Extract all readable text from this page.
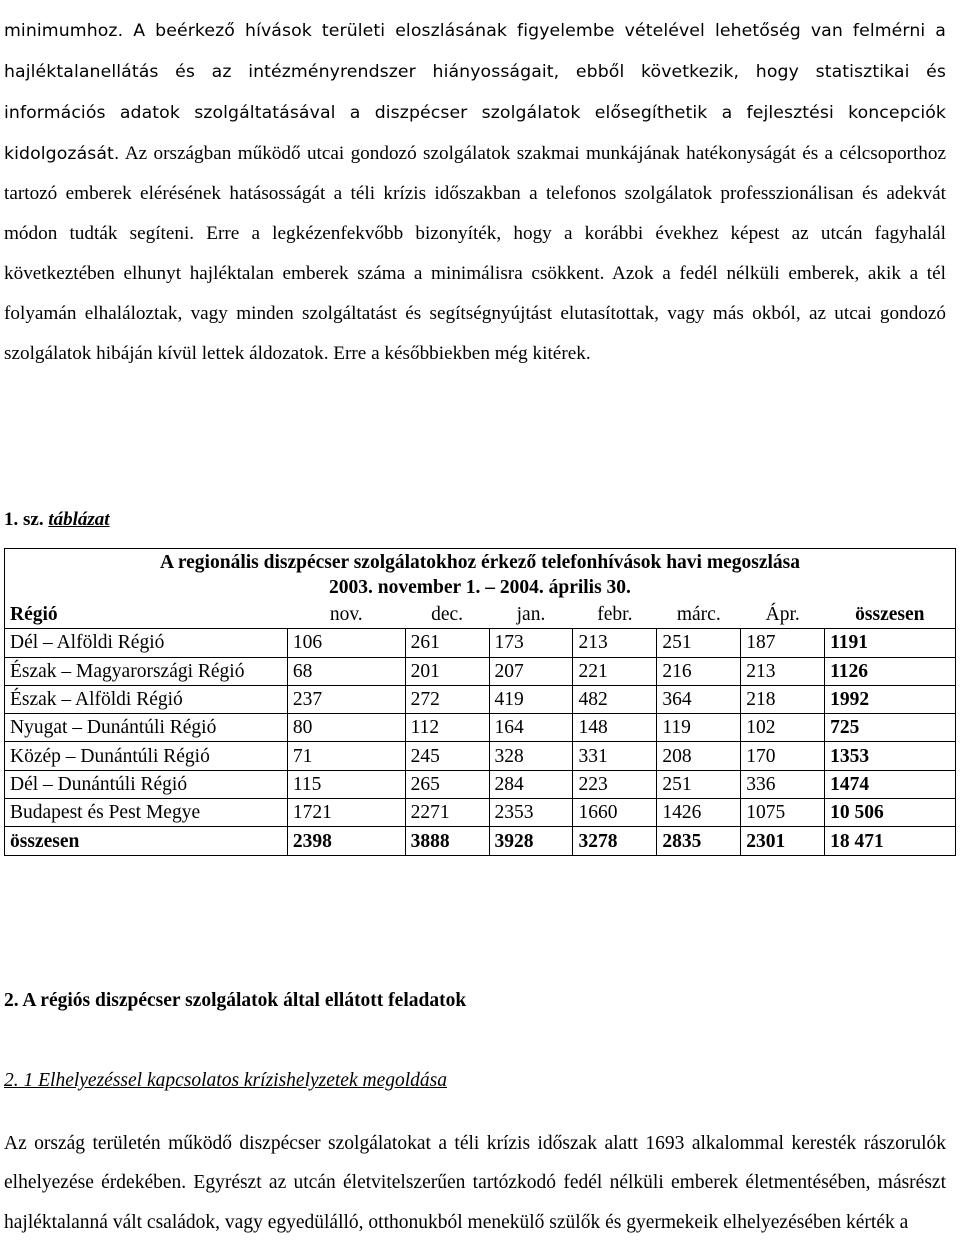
minimumhoz. A beérkező hívások területi eloszlásának figyelembe vételével lehetőség van felmérni a hajléktalanellátás és az intézményrendszer hiányosságait, ebből következik, hogy statisztikai és információs adatok szolgáltatásával a diszpécser szolgálatok elősegíthetik a fejlesztési koncepciók kidolgozását. Az országban működő utcai gondozó szolgálatok szakmai munkájának hatékonyságát és a célcsoporthoz tartozó emberek elérésének hatásosságát a téli krízis időszakban a telefonos szolgálatok professzionálisan és adekvát módon tudták segíteni. Erre a legkézenfekvőbb bizonyíték, hogy a korábbi évekhez képest az utcán fagyhalál következtében elhunyt hajléktalan emberek száma a minimálisra csökkent. Azok a fedél nélküli emberek, akik a tél folyamán elhaláloztak, vagy minden szolgáltatást és segítségnyújtást elutasítottak, vagy más okból, az utcai gondozó szolgálatok hibáján kívül lettek áldozatok. Erre a későbbiekben még kitérek.

1. sz. táblázat
A regionális diszpécser szolgálatokhoz érkező telefonhívások havi megoszlása
2003. november 1. – 2004. április 30.							

Régió	nov.	dec.	jan.	febr.	márc.	Ápr.	összesen
Dél – Alföldi Régió	106	261	173	213	251	187	1191
Észak – Magyarországi Régió	68	201	207	221	216	213	1126
Észak – Alföldi Régió	237	272	419	482	364	218	1992
Nyugat – Dunántúli Régió	80	112	164	148	119	102	725
Közép – Dunántúli Régió	71	245	328	331	208	170	1353
Dél – Dunántúli Régió	115	265	284	223	251	336	1474
Budapest és Pest Megye	1721	2271	2353	1660	1426	1075	10 506
összesen	2398	3888	3928	3278	2835	2301	18 471
2. A régiós diszpécser szolgálatok által ellátott feladatok
2. 1 Elhelyezéssel kapcsolatos krízishelyzetek megoldása

Az ország területén működő diszpécser szolgálatokat a téli krízis időszak alatt 1693 alkalommal keresték rászorulók elhelyezése érdekében. Egyrészt az utcán életvitelszerűen tartózkodó fedél nélküli emberek életmentésében, másrészt hajléktalanná vált családok, vagy egyedülálló, otthonukból menekülő szülők és gyermekeik elhelyezésében kérték a
